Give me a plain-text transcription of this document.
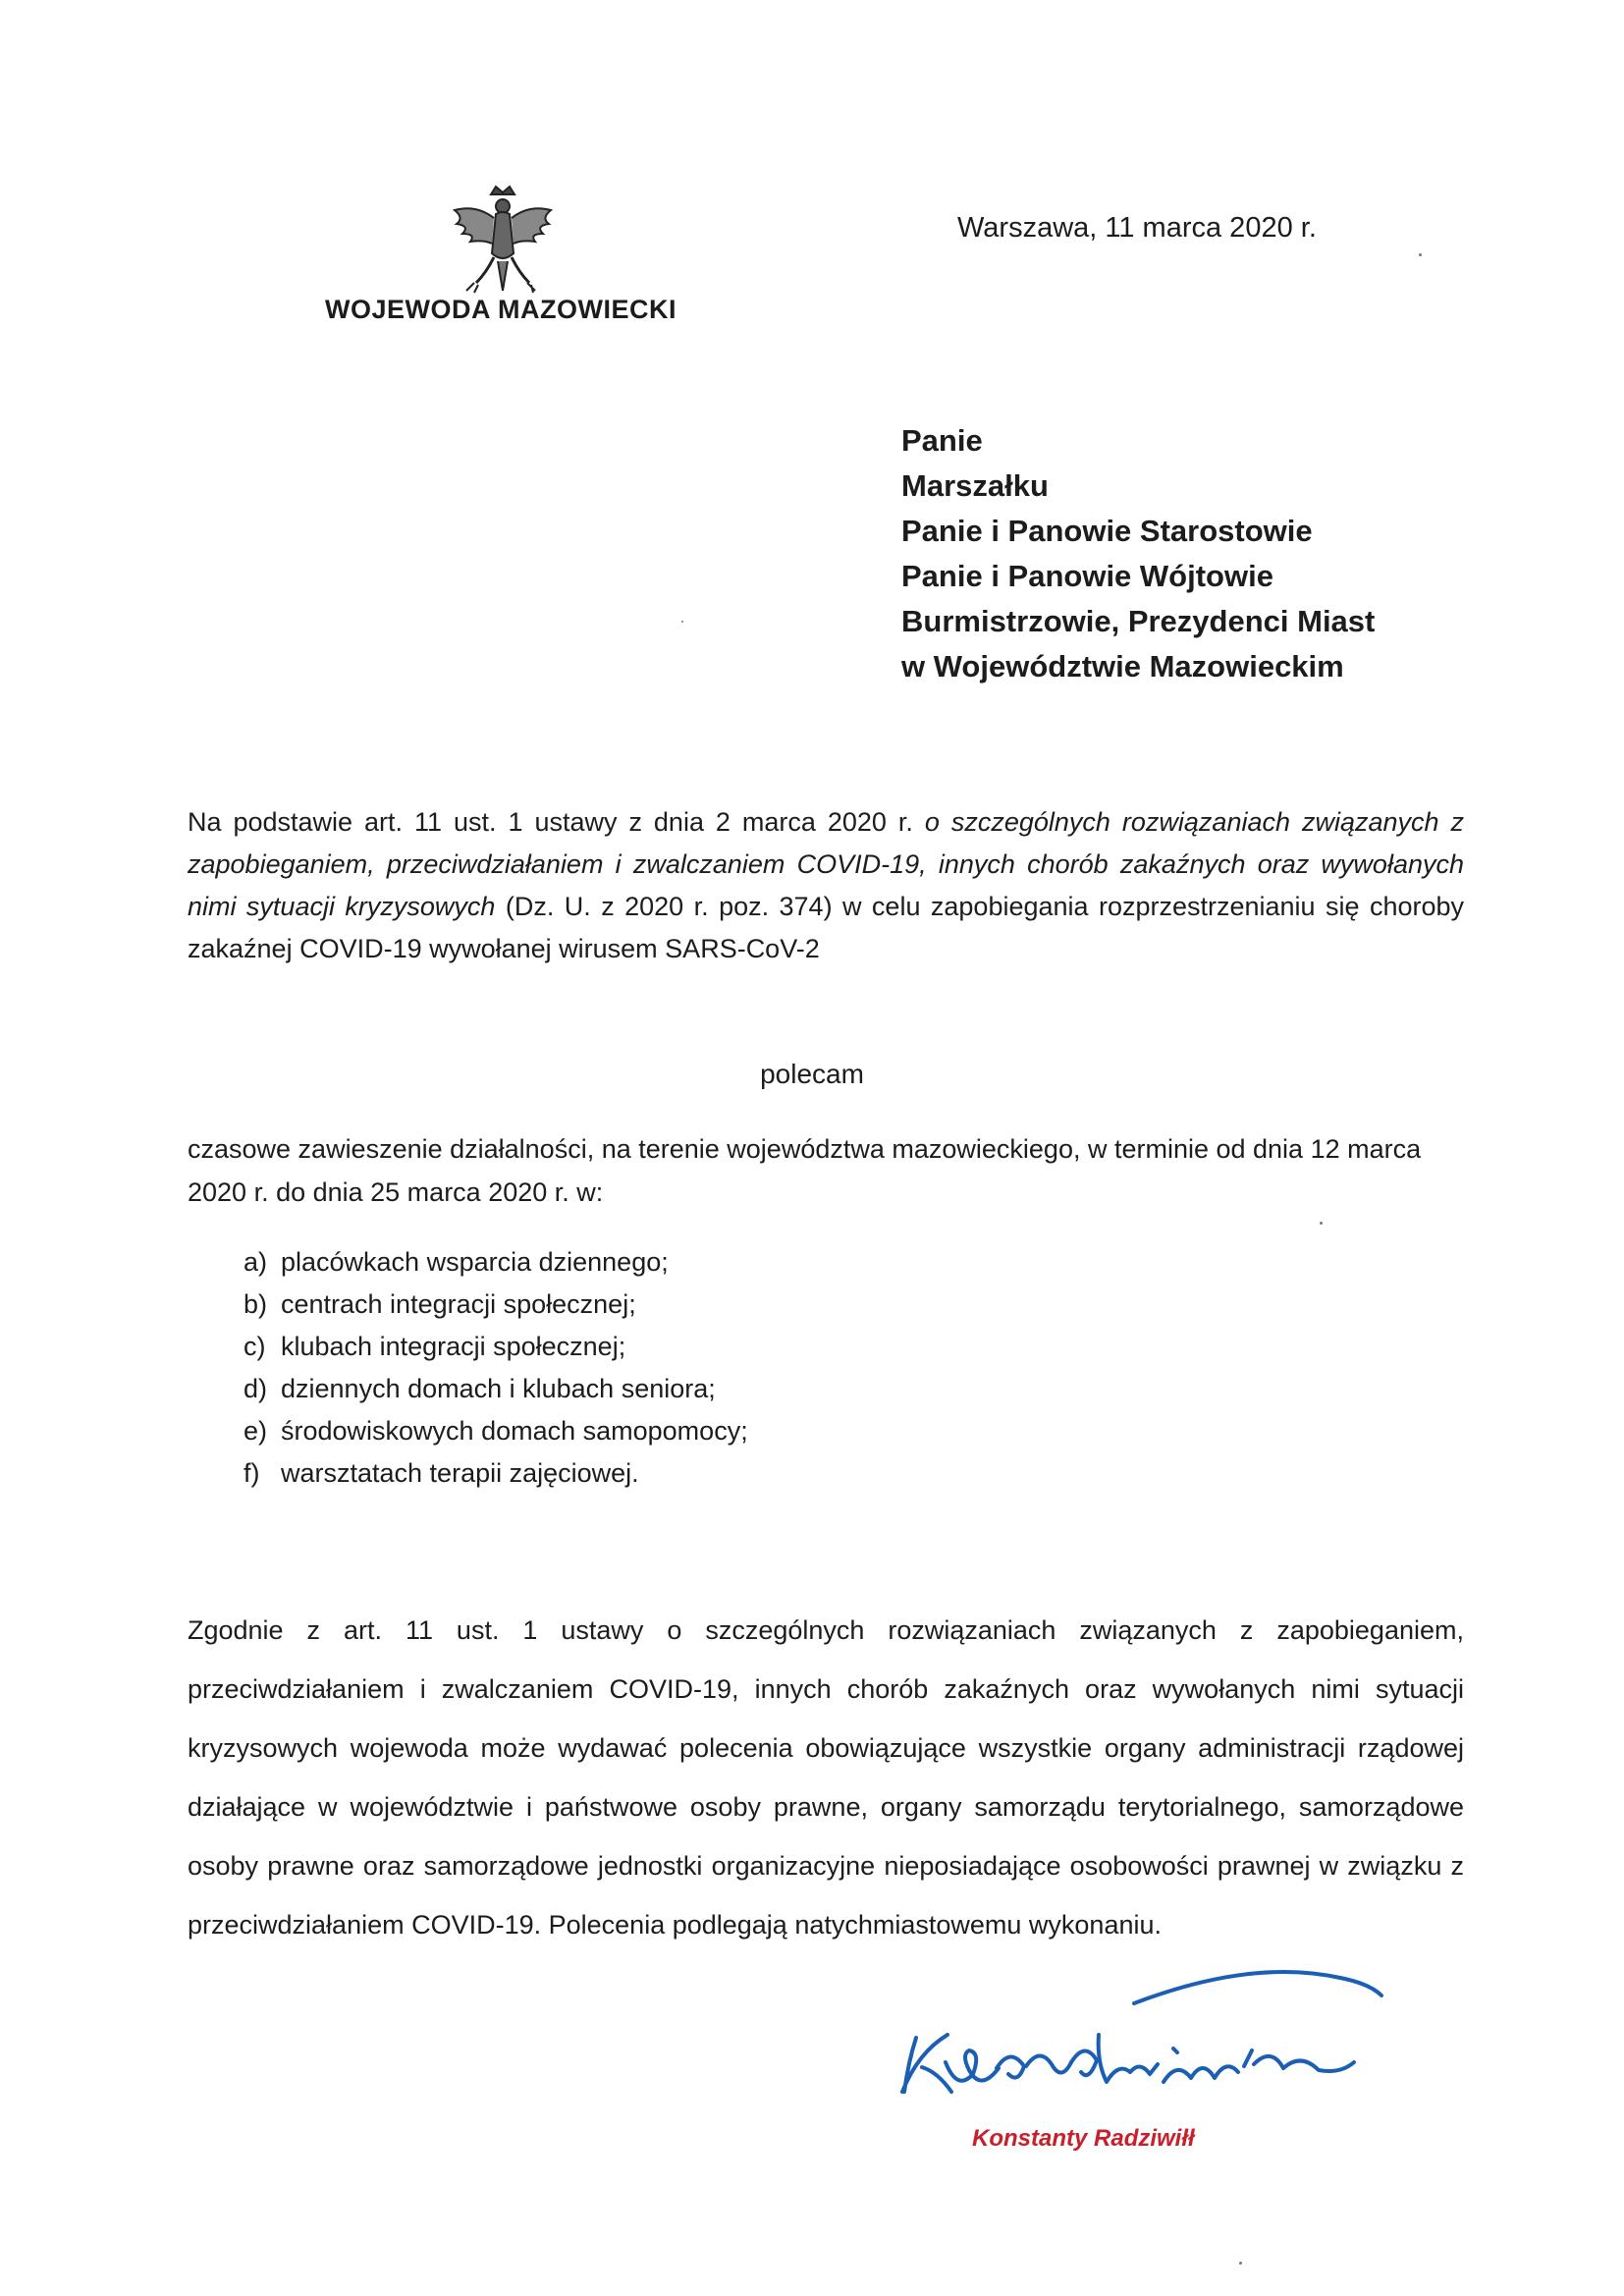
WOJEWODA MAZOWIECKI
Warszawa, 11 marca 2020 r.
Panie
Marszałku
Panie i Panowie Starostowie
Panie i Panowie Wójtowie
Burmistrzowie, Prezydenci Miast
w Województwie Mazowieckim

Na podstawie art. 11 ust. 1 ustawy z dnia 2 marca 2020 r. o szczególnych rozwiązaniach związanych z zapobieganiem, przeciwdziałaniem i zwalczaniem COVID-19, innych chorób zakaźnych oraz wywołanych nimi sytuacji kryzysowych (Dz. U. z 2020 r. poz. 374) w celu zapobiegania rozprzestrzenianiu się choroby zakaźnej COVID-19 wywołanej wirusem SARS-CoV-2

polecam

czasowe zawieszenie działalności, na terenie województwa mazowieckiego, w terminie od dnia 12 marca 2020 r. do dnia 25 marca 2020 r. w:

a) placówkach wsparcia dziennego;
b) centrach integracji społecznej;
c) klubach integracji społecznej;
d) dziennych domach i klubach seniora;
e) środowiskowych domach samopomocy;
f) warsztatach terapii zajęciowej.

Zgodnie z art. 11 ust. 1 ustawy o szczególnych rozwiązaniach związanych z zapobieganiem, przeciwdziałaniem i zwalczaniem COVID-19, innych chorób zakaźnych oraz wywołanych nimi sytuacji kryzysowych wojewoda może wydawać polecenia obowiązujące wszystkie organy administracji rządowej działające w województwie i państwowe osoby prawne, organy samorządu terytorialnego, samorządowe osoby prawne oraz samorządowe jednostki organizacyjne nieposiadające osobowości prawnej w związku z przeciwdziałaniem COVID-19. Polecenia podlegają natychmiastowemu wykonaniu.

Konstanty Radziwiłł
